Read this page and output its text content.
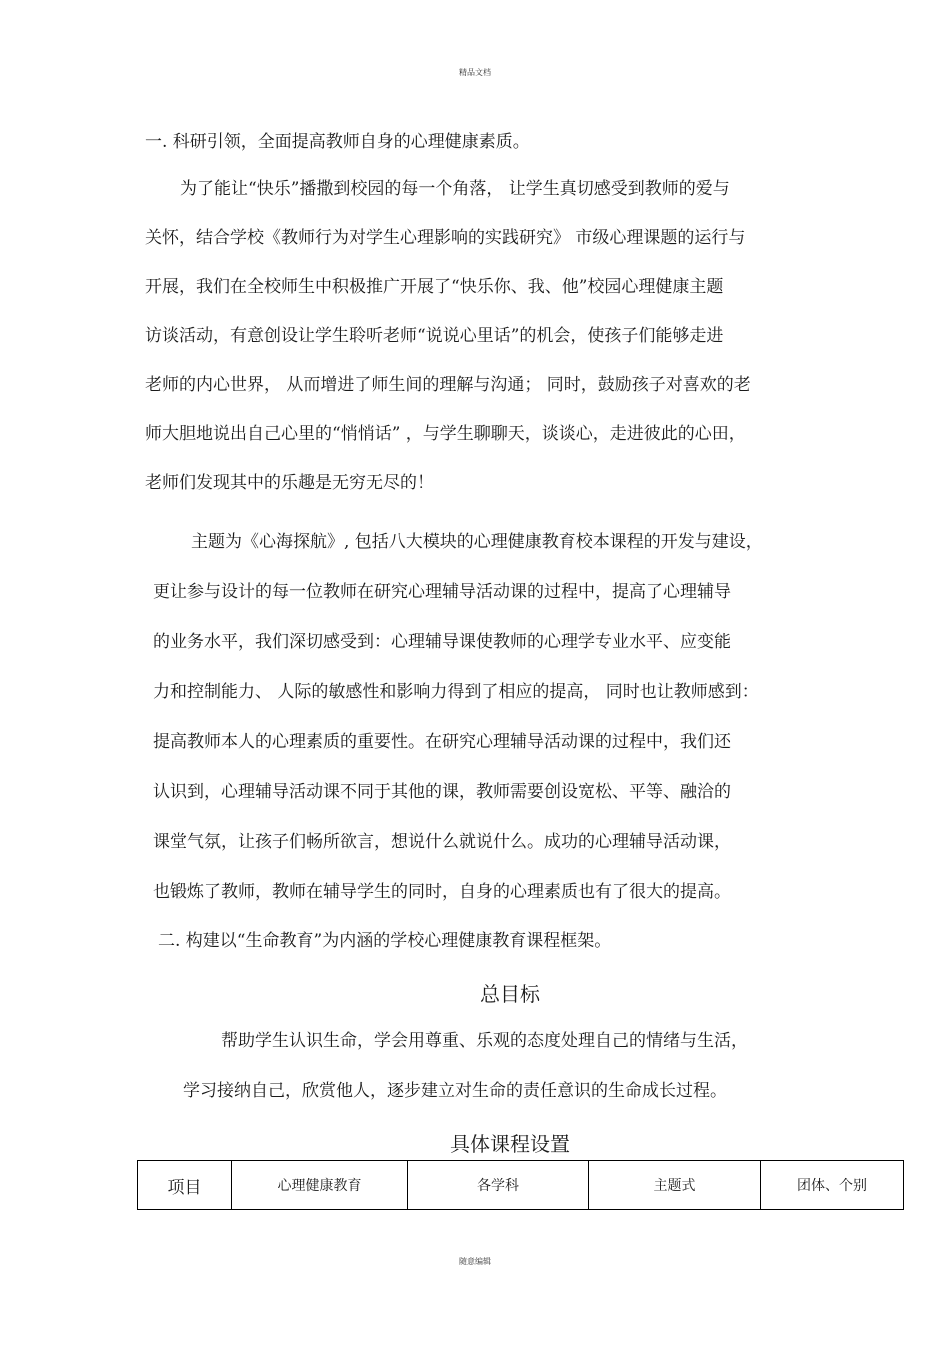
精品文档
一. 科研引领，全面提高教师自身的心理健康素质。
为了能让“快乐”播撒到校园的每一个角落， 让学生真切感受到教师的爱与
关怀，结合学校《教师行为对学生心理影响的实践研究》 市级心理课题的运行与
开展，我们在全校师生中积极推广开展了“快乐你、我、他”校园心理健康主题
访谈活动，有意创设让学生聆听老师“说说心里话”的机会，使孩子们能够走进
老师的内心世界， 从而增进了师生间的理解与沟通； 同时，鼓励孩子对喜欢的老
师大胆地说出自己心里的“悄悄话” ，与学生聊聊天，谈谈心，走进彼此的心田，
老师们发现其中的乐趣是无穷无尽的！
主题为《心海探航》, 包括八大模块的心理健康教育校本课程的开发与建设，
更让参与设计的每一位教师在研究心理辅导活动课的过程中，提高了心理辅导
的业务水平，我们深切感受到：心理辅导课使教师的心理学专业水平、应变能
力和控制能力、 人际的敏感性和影响力得到了相应的提高， 同时也让教师感到：
提高教师本人的心理素质的重要性。在研究心理辅导活动课的过程中，我们还
认识到，心理辅导活动课不同于其他的课，教师需要创设宽松、平等、融洽的
课堂气氛，让孩子们畅所欲言，想说什么就说什么。成功的心理辅导活动课，
也锻炼了教师，教师在辅导学生的同时，自身的心理素质也有了很大的提高。
二. 构建以“生命教育”为内涵的学校心理健康教育课程框架。
总目标
帮助学生认识生命，学会用尊重、乐观的态度处理自己的情绪与生活，
学习接纳自己，欣赏他人，逐步建立对生命的责任意识的生命成长过程。
具体课程设置
项目	心理健康教育	各学科	主题式	团体、个别
随意编辑
